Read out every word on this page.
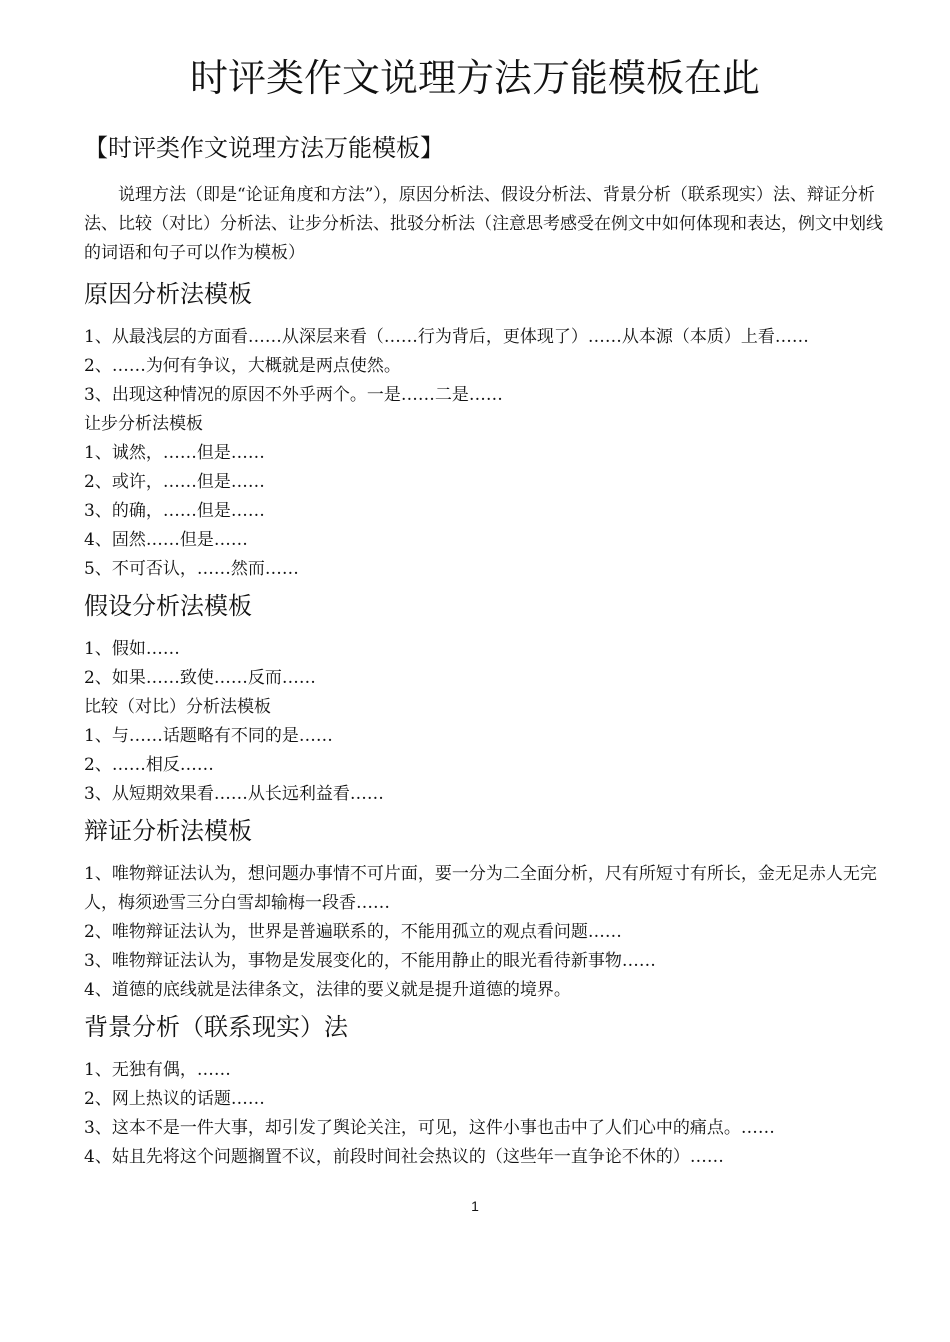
时评类作文说理方法万能模板在此
【时评类作文说理方法万能模板】

说理方法（即是“论证角度和方法”），原因分析法、假设分析法、背景分析（联系现实）法、辩证分析法、比较（对比）分析法、让步分析法、批驳分析法（注意思考感受在例文中如何体现和表达，例文中划线的词语和句子可以作为模板）

原因分析法模板

1、从最浅层的方面看……从深层来看（……行为背后，更体现了）……从本源（本质）上看……

2、……为何有争议，大概就是两点使然。

3、出现这种情况的原因不外乎两个。一是……二是……

让步分析法模板

1、诚然，……但是……

2、或许，……但是……

3、的确，……但是……

4、固然……但是……

5、不可否认，……然而……

假设分析法模板

1、假如……

2、如果……致使……反而……

比较（对比）分析法模板

1、与……话题略有不同的是……

2、……相反……

3、从短期效果看……从长远利益看……

辩证分析法模板

1、唯物辩证法认为，想问题办事情不可片面，要一分为二全面分析，尺有所短寸有所长，金无足赤人无完人，梅须逊雪三分白雪却输梅一段香……

2、唯物辩证法认为，世界是普遍联系的，不能用孤立的观点看问题……

3、唯物辩证法认为，事物是发展变化的，不能用静止的眼光看待新事物……

4、道德的底线就是法律条文，法律的要义就是提升道德的境界。

背景分析（联系现实）法

1、无独有偶，……

2、网上热议的话题……

3、这本不是一件大事，却引发了舆论关注，可见，这件小事也击中了人们心中的痛点。……

4、姑且先将这个问题搁置不议，前段时间社会热议的（这些年一直争论不休的）……

1
